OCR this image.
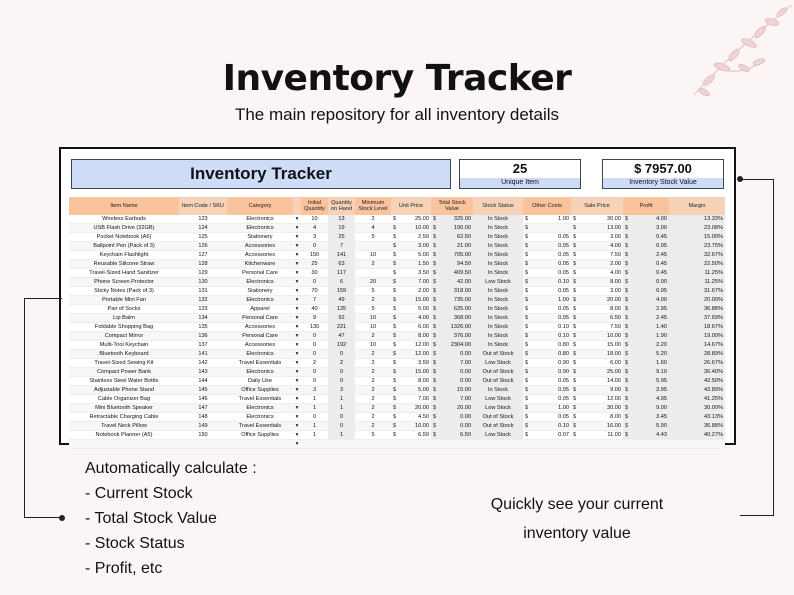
Inventory Tracker
The main repository for all inventory details
Inventory Tracker	25
Unique Item
$ 7957.00
Inventory Stock Value
Item Name	Item Code / SKU	Category		Initial Quantity	Quantity on Hand	Minimum Stock Level	Unit Price	Total Stock Value	Stock Status	Other Costs	Sale Price	Profit	Margin
Wireless Earbuds	123	Electronics	▾	10	13	2	$ 25.00	$ 325.00	In Stock	$ 1.00	$ 30.00	$ 4.00	13.33%
USB Flash Drive (32GB)	124	Electronics	▾	4	19	4	$ 10.00	$ 190.00	In Stock	$	$ 13.00	$ 3.00	23.08%
Pocket Notebook (A6)	125	Stationery	▾	3	25	5	$ 2.50	$ 62.50	In Stock	$ 0.05	$ 3.00	$ 0.45	15.00%
Ballpoint Pen (Pack of 3)	126	Accessories	▾	0	7		$ 3.00	$ 21.00	In Stock	$ 0.05	$ 4.00	$ 0.95	23.75%
Keychain Flashlight	127	Accessories	▾	150	141	10	$ 5.00	$ 705.00	In Stock	$ 0.05	$ 7.50	$ 2.45	32.67%
Reusable Silicone Straw	128	Kitchenware	▾	25	63	2	$ 1.50	$ 94.50	In Stock	$ 0.05	$ 2.00	$ 0.45	22.50%
Travel-Sized Hand Sanitizer	129	Personal Care	▾	30	117		$ 3.50	$ 409.50	In Stock	$ 0.05	$ 4.00	$ 0.45	11.25%
Phone Screen Protector	130	Electronics	▾	0	6	20	$ 7.00	$ 42.00	Low Stock	$ 0.10	$ 8.00	$ 0.90	11.25%
Sticky Notes (Pack of 3)	131	Stationery	▾	70	159	5	$ 2.00	$ 318.00	In Stock	$ 0.05	$ 3.00	$ 0.95	31.67%
Portable Mini Fan	132	Electronics	▾	7	49	2	$ 15.00	$ 735.00	In Stock	$ 1.00	$ 20.00	$ 4.00	20.00%
Pair of Socks	133	Apparel	▾	40	125	5	$ 5.00	$ 625.00	In Stock	$ 0.05	$ 8.00	$ 2.95	36.88%
Lip Balm	134	Personal Care	▾	9	92	10	$ 4.00	$ 368.00	In Stock	$ 0.05	$ 6.50	$ 2.45	37.69%
Foldable Shopping Bag	135	Accessories	▾	130	221	10	$ 6.00	$ 1326.00	In Stock	$ 0.10	$ 7.50	$ 1.40	18.67%
Compact Mirror	136	Personal Care	▾	0	47	2	$ 8.00	$ 376.00	In Stock	$ 0.10	$ 10.00	$ 1.90	19.00%
Multi-Tool Keychain	137	Accessories	▾	0	192	10	$ 12.00	$ 2304.00	In Stock	$ 0.80	$ 15.00	$ 2.20	14.67%
Bluetooth Keyboard	141	Electronics	▾	0	0	2	$ 12.00	$ 0.00	Out of Stock	$ 0.80	$ 18.00	$ 5.20	28.89%
Travel-Sized Sewing Kit	142	Travel Essentials	▾	2	2	2	$ 3.50	$ 7.00	Low Stock	$ 0.90	$ 6.00	$ 1.60	26.67%
Compact Power Bank	143	Electronics	▾	0	0	2	$ 15.00	$ 0.00	Out of Stock	$ 0.90	$ 25.00	$ 9.10	36.40%
Stainless Steel Water Bottle	144	Daily Use	▾	0	0	2	$ 8.00	$ 0.00	Out of Stock	$ 0.05	$ 14.00	$ 5.95	42.50%
Adjustable Phone Stand	145	Office Supplies	▾	3	3	2	$ 5.00	$ 15.00	In Stock	$ 0.05	$ 9.00	$ 3.95	43.89%
Cable Organizer Bag	146	Travel Essentials	▾	1	1	2	$ 7.00	$ 7.00	Low Stock	$ 0.05	$ 12.00	$ 4.95	41.25%
Mini Bluetooth Speaker	147	Electronics	▾	1	1	2	$ 20.00	$ 20.00	Low Stock	$ 1.00	$ 30.00	$ 9.00	30.00%
Retractable Charging Cable	148	Electronics	▾	0	0	2	$ 4.50	$ 0.00	Out of Stock	$ 0.05	$ 8.00	$ 3.45	43.13%
Travel Neck Pillow	149	Travel Essentials	▾	1	0	2	$ 10.00	$ 0.00	Out of Stock	$ 0.10	$ 16.00	$ 5.90	36.88%
Notebook Planner (A5)	150	Office Supplies	▾	1	1	5	$ 6.50	$ 6.50	Low Stock	$ 0.07	$ 11.00	$ 4.43	40.27%
			▾										
Automatically calculate :
- Current Stock
- Total Stock Value
- Stock Status
- Profit, etc
Quickly see your current
inventory value
